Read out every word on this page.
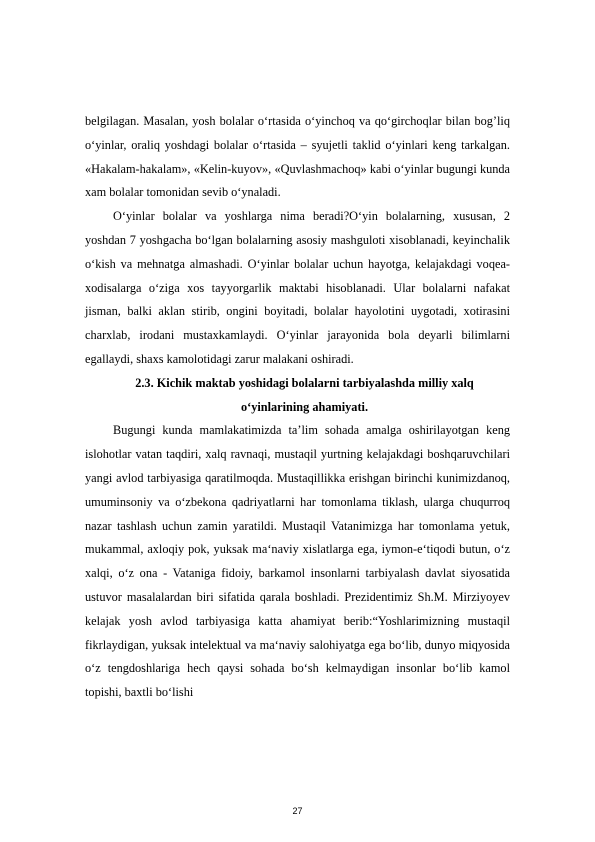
belgilagan. Masalan, yosh bolalar o‘rtasida o‘yinchoq va qo‘girchoqlar bilan bog’liq o‘yinlar, oraliq yoshdagi bolalar o‘rtasida – syujetli taklid o‘yinlari keng tarkalgan. «Hakalam-hakalam», «Kelin-kuyov», «Quvlashmachoq» kabi o‘yinlar bugungi kunda xam bolalar tomonidan sevib o‘ynaladi.

O‘yinlar bolalar va yoshlarga nima beradi?O‘yin bolalarning, xususan, 2 yoshdan 7 yoshgacha bo‘lgan bolalarning asosiy mashguloti xisoblanadi, keyinchalik o‘kish va mehnatga almashadi. O‘yinlar bolalar uchun hayotga, kelajakdagi voqea-xodisalarga o‘ziga xos tayyorgarlik maktabi hisoblanadi. Ular bolalarni nafakat jisman, balki aklan stirib, ongini boyitadi, bolalar hayolotini uygotadi, xotirasini charxlab, irodani mustaxkamlaydi. O‘yinlar jarayonida bola deyarli bilimlarni egallaydi, shaxs kamolotidagi zarur malakani oshiradi.

2.3. Kichik maktab yoshidagi bolalarni tarbiyalashda milliy xalq

o‘yinlarining ahamiyati.

Bugungi kunda mamlakatimizda ta’lim sohada amalga oshirilayotgan keng islohotlar vatan taqdiri, xalq ravnaqi, mustaqil yurtning kelajakdagi boshqaruvchilari yangi avlod tarbiyasiga qaratilmoqda. Mustaqillikka erishgan birinchi kunimizdanoq, umuminsoniy va o‘zbekona qadriyatlarni har tomonlama tiklash, ularga chuqurroq nazar tashlash uchun zamin yaratildi. Mustaqil Vatanimizga har tomonlama yetuk, mukammal, axloqiy pok, yuksak ma‘naviy xislatlarga ega, iymon-e‘tiqodi butun, o‘z xalqi, o‘z ona - Vataniga fidoiy, barkamol insonlarni tarbiyalash davlat siyosatida ustuvor masalalardan biri sifatida qarala boshladi. Prezidentimiz Sh.M. Mirziyoyev kelajak yosh avlod tarbiyasiga katta ahamiyat berib:“Yoshlarimizning mustaqil fikrlaydigan, yuksak intelektual va ma‘naviy salohiyatga ega bo‘lib, dunyo miqyosida o‘z tengdoshlariga hech qaysi sohada bo‘sh kelmaydigan insonlar bo‘lib kamol topishi, baxtli bo‘lishi

27
